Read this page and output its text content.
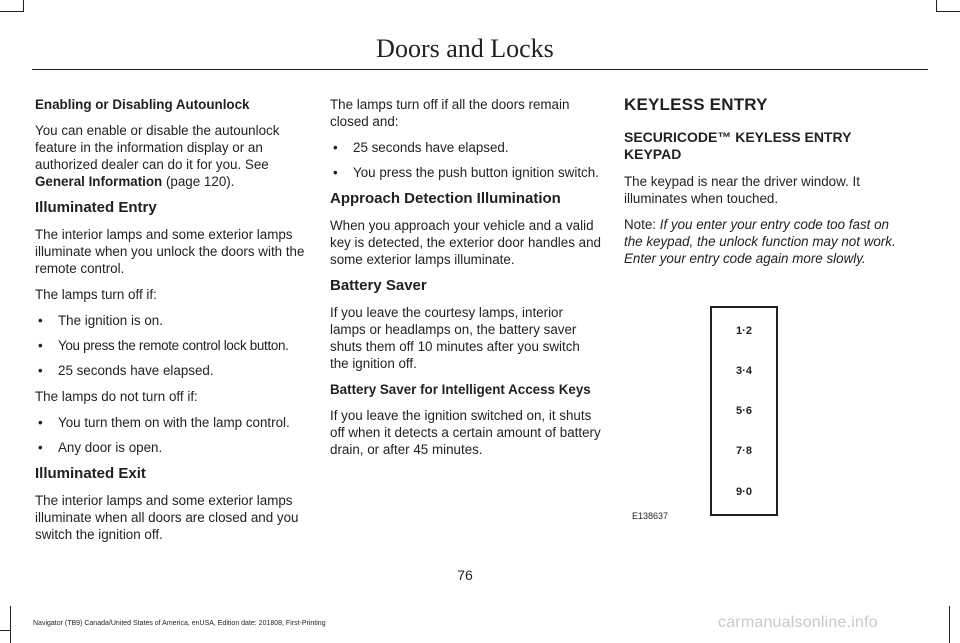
Doors and Locks
Enabling or Disabling Autounlock

You can enable or disable the autounlock feature in the information display or an authorized dealer can do it for you. See General Information (page 120).

Illuminated Entry

The interior lamps and some exterior lamps illuminate when you unlock the doors with the remote control.

The lamps turn off if:

• The ignition is on.
• You press the remote control lock button.
• 25 seconds have elapsed.

The lamps do not turn off if:

• You turn them on with the lamp control.
• Any door is open.
Illuminated Exit

The interior lamps and some exterior lamps illuminate when all doors are closed and you switch the ignition off.

The lamps turn off if all the doors remain closed and:

• 25 seconds have elapsed.
• You press the push button ignition switch.
Approach Detection Illumination

When you approach your vehicle and a valid key is detected, the exterior door handles and some exterior lamps illuminate.

Battery Saver

If you leave the courtesy lamps, interior lamps or headlamps on, the battery saver shuts them off 10 minutes after you switch the ignition off.

Battery Saver for Intelligent Access Keys

If you leave the ignition switched on, it shuts off when it detects a certain amount of battery drain, or after 45 minutes.

KEYLESS ENTRY
SECURICODE™ KEYLESS ENTRY KEYPAD

The keypad is near the driver window. It illuminates when touched.

Note: If you enter your entry code too fast on the keypad, the unlock function may not work. Enter your entry code again more slowly.

1·2
3·4
5·6
7·8
9·0
E138637
76
Navigator (TB9) Canada/United States of America, enUSA, Edition date: 201808, First-Printing	carmanualsonline.info
